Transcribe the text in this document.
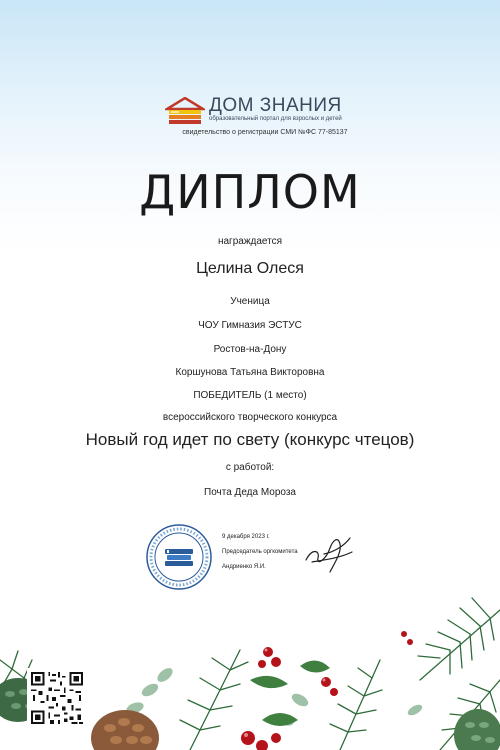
ДОМ ЗНАНИЯ
образовательный портал для взрослых и детей
свидетельство о регистрации СМИ №ФС 77-85137
ДИПЛОМ
награждается
Целина Олеся
Ученица
ЧОУ Гимназия ЭСТУС
Ростов-на-Дону
Коршунова Татьяна Викторовна
ПОБЕДИТЕЛЬ (1 место)
всероссийского творческого конкурса
Новый год идет по свету (конкурс чтецов)
с работой:
Почта Деда Мороза
9 декабря 2023 г.
Председатель оргкомитета
Андриенко Я.И.
